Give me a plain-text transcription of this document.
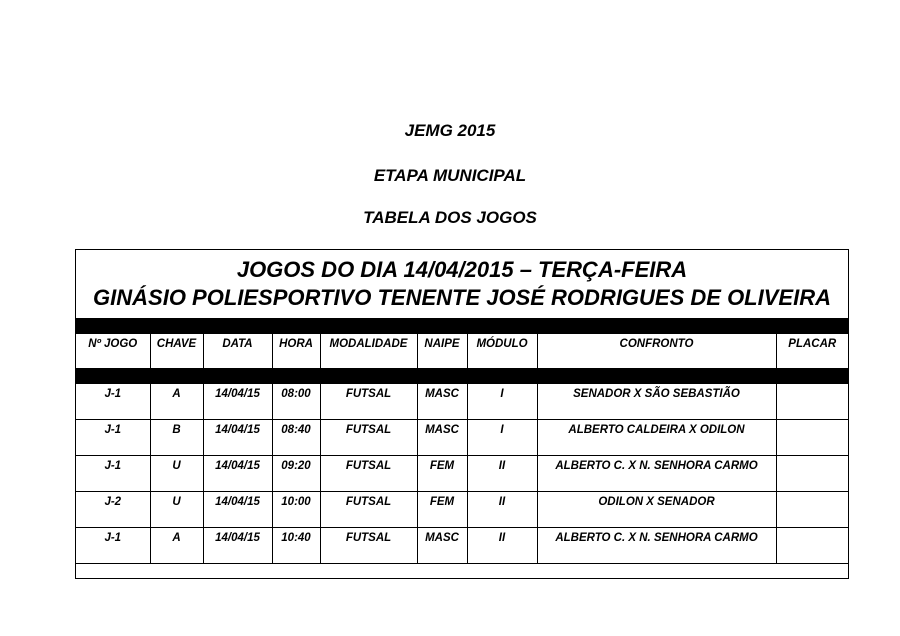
JEMG 2015
ETAPA MUNICIPAL
TABELA DOS JOGOS
JOGOS DO DIA 14/04/2015 – TERÇA-FEIRA
GINÁSIO POLIESPORTIVO TENENTE JOSÉ RODRIGUES DE OLIVEIRA
Nº JOGO	CHAVE	DATA	HORA	MODALIDADE	NAIPE	MÓDULO	CONFRONTO	PLACAR

J-1	A	14/04/15	08:00	FUTSAL	MASC	I	SENADOR X SÃO SEBASTIÃO	
J-1	B	14/04/15	08:40	FUTSAL	MASC	I	ALBERTO CALDEIRA X ODILON	
J-1	U	14/04/15	09:20	FUTSAL	FEM	II	ALBERTO C. X N. SENHORA CARMO	
J-2	U	14/04/15	10:00	FUTSAL	FEM	II	ODILON X SENADOR	
J-1	A	14/04/15	10:40	FUTSAL	MASC	II	ALBERTO C. X N. SENHORA CARMO	
